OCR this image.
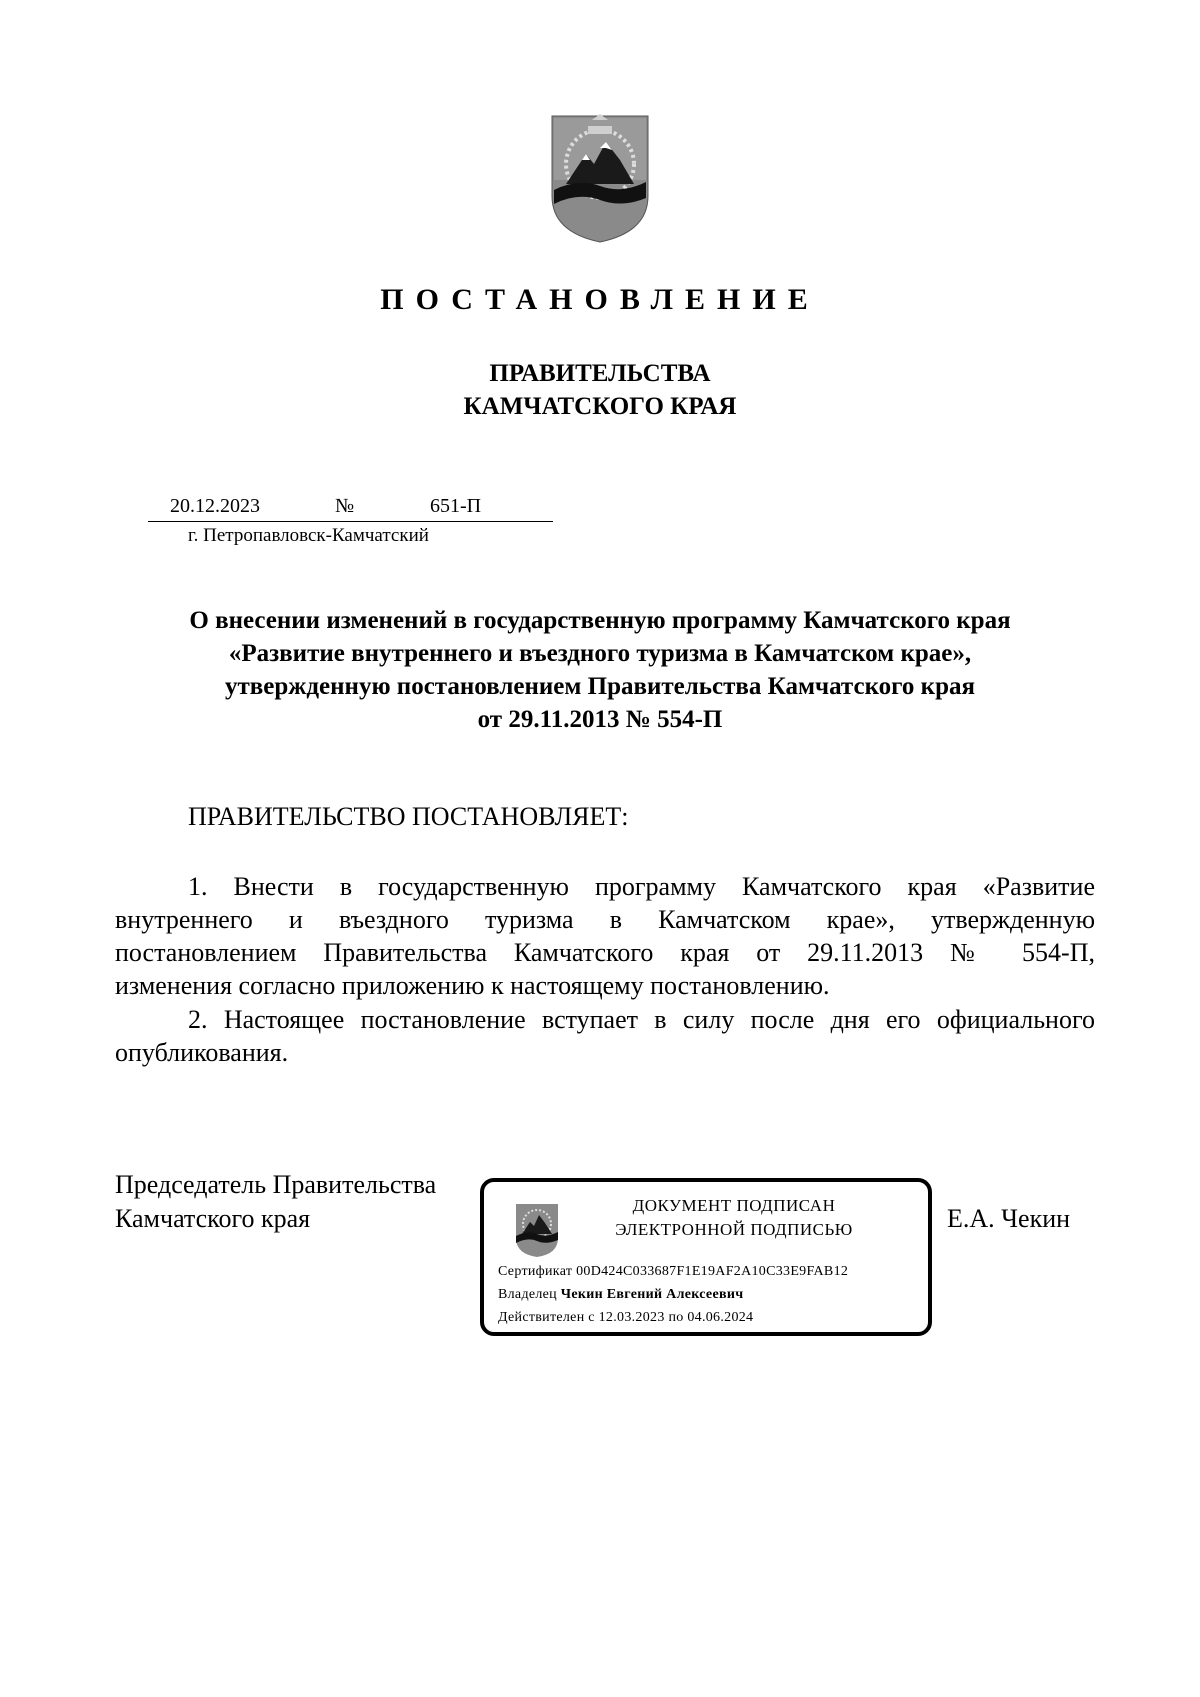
ПОСТАНОВЛЕНИЕ
ПРАВИТЕЛЬСТВА
КАМЧАТСКОГО КРАЯ
20.12.2023	№	651-П
г. Петропавловск-Камчатский
О внесении изменений в государственную программу Камчатского края
«Развитие внутреннего и въездного туризма в Камчатском крае»,
утвержденную постановлением Правительства Камчатского края
от 29.11.2013 № 554-П
ПРАВИТЕЛЬСТВО ПОСТАНОВЛЯЕТ:
1. Внести в государственную программу Камчатского края «Развитие
внутреннего и въездного туризма в Камчатском крае», утвержденную
постановлением Правительства Камчатского края от 29.11.2013 № 554-П,
изменения согласно приложению к настоящему постановлению.
2. Настоящее постановление вступает в силу после дня его официального
опубликования.
Председатель Правительства
Камчатского края	Е.А. Чекин
ДОКУМЕНТ ПОДПИСАН
ЭЛЕКТРОННОЙ ПОДПИСЬЮ
Сертификат 00D424C033687F1E19AF2A10C33E9FAB12
Владелец Чекин Евгений Алексеевич
Действителен с 12.03.2023 по 04.06.2024
